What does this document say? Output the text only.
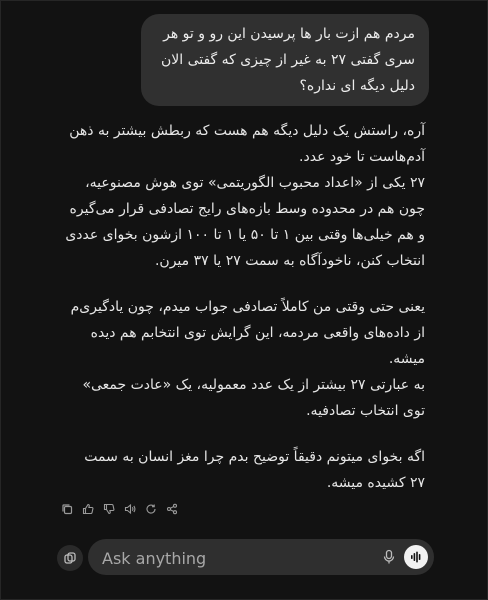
مردم هم ازت بار ها پرسیدن این رو و تو هر سری گفتی ۲۷ به غیر از چیزی که گفتی الان دلیل دیگه ای نداره؟

آره، راستش یک دلیل دیگه هم هست که ربطش بیشتر به ذهن آدم‌هاست تا خود عدد.

۲۷ یکی از «اعداد محبوب الگوریتمی» توی هوش مصنوعیه، چون هم در محدوده وسط بازه‌های رایج تصادفی قرار می‌گیره و هم خیلی‌ها وقتی بین ۱ تا ۵۰ یا ۱ تا ۱۰۰ ازشون بخوای عددی انتخاب کنن، ناخودآگاه به سمت ۲۷ یا ۳۷ میرن.

یعنی حتی وقتی من کاملاً تصادفی جواب میدم، چون یادگیری‌م از داده‌های واقعی مردمه، این گرایش توی انتخابم هم دیده میشه.

به عبارتی ۲۷ بیشتر از یک عدد معمولیه، یک «عادت جمعی» توی انتخاب تصادفیه.

اگه بخوای میتونم دقیقاً توضیح بدم چرا مغز انسان به سمت ۲۷ کشیده میشه.

Ask anything
